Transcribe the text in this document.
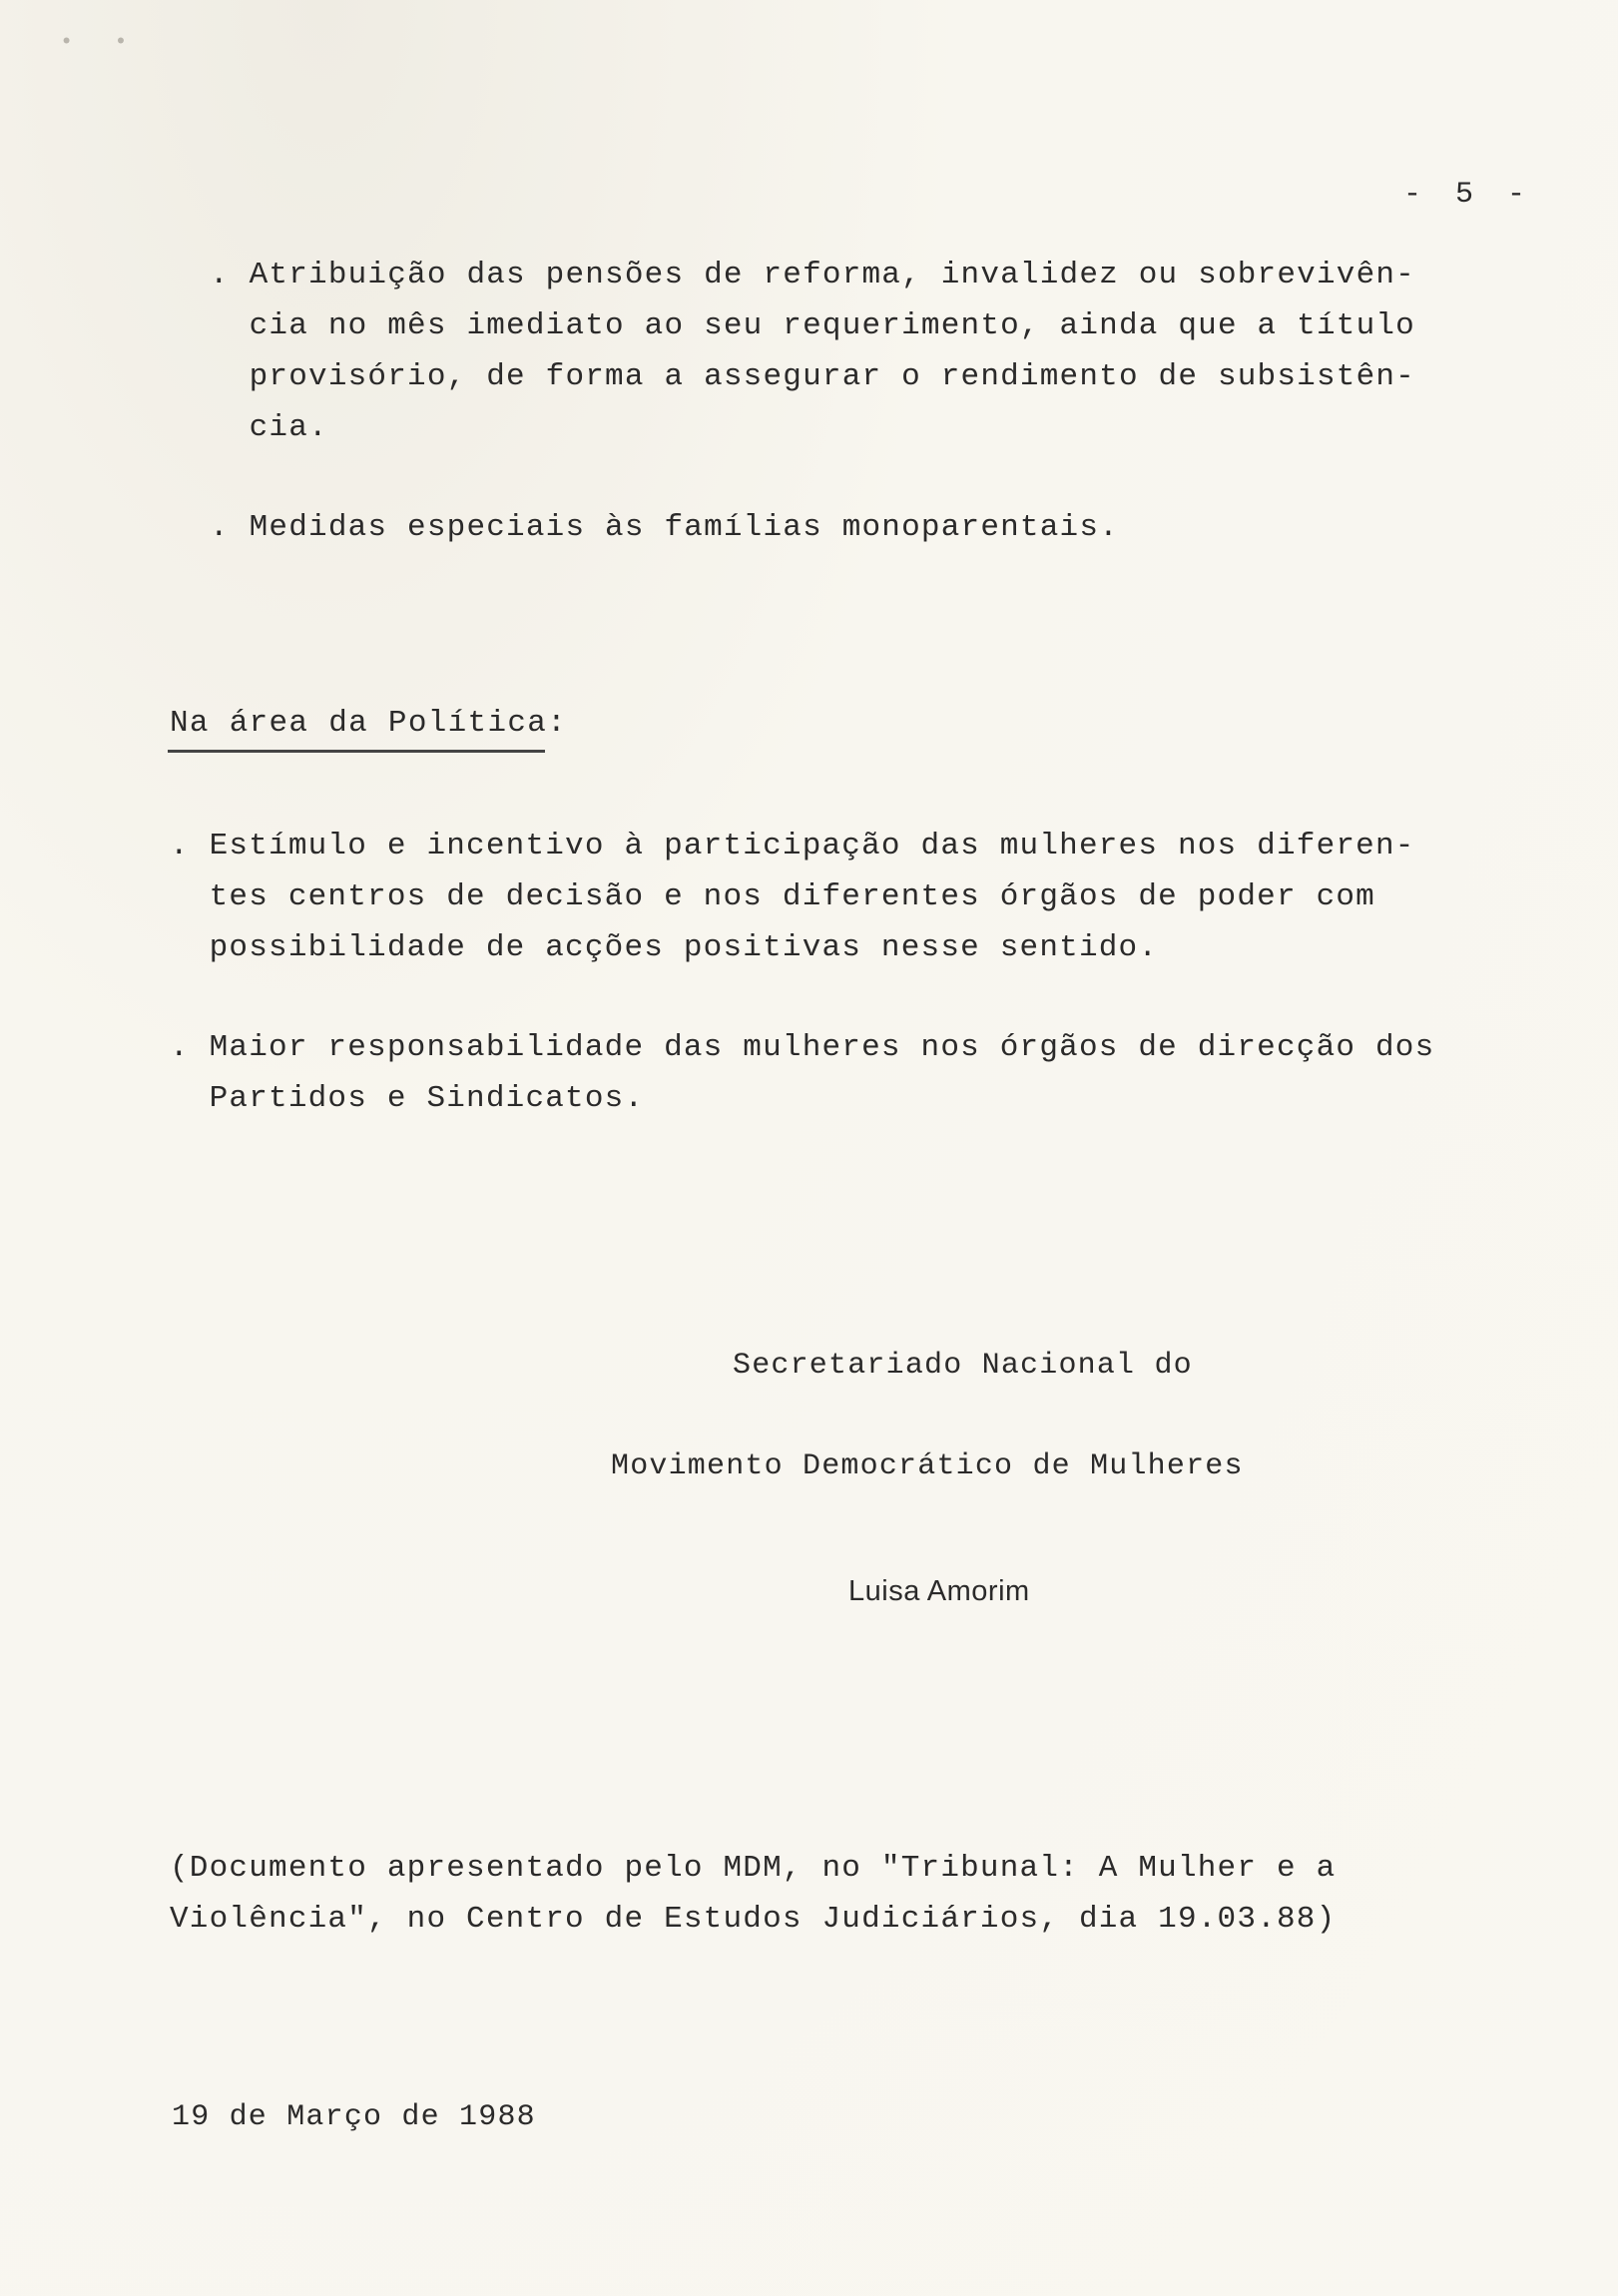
• •
- 5 -

. Atribuição das pensões de reforma, invalidez ou sobrevivên-
cia no mês imediato ao seu requerimento, ainda que a título
provisório, de forma a assegurar o rendimento de subsistên-
cia.

. Medidas especiais às famílias monoparentais.

Na área da Política:

. Estímulo e incentivo à participação das mulheres nos diferen-
tes centros de decisão e nos diferentes órgãos de poder com
possibilidade de acções positivas nesse sentido.

. Maior responsabilidade das mulheres nos órgãos de direcção dos
Partidos e Sindicatos.

Secretariado Nacional do
Movimento Democrático de Mulheres
Luisa Amorim

(Documento apresentado pelo MDM, no "Tribunal: A Mulher e a
Violência", no Centro de Estudos Judiciários, dia 19.03.88)

19 de Março de 1988
